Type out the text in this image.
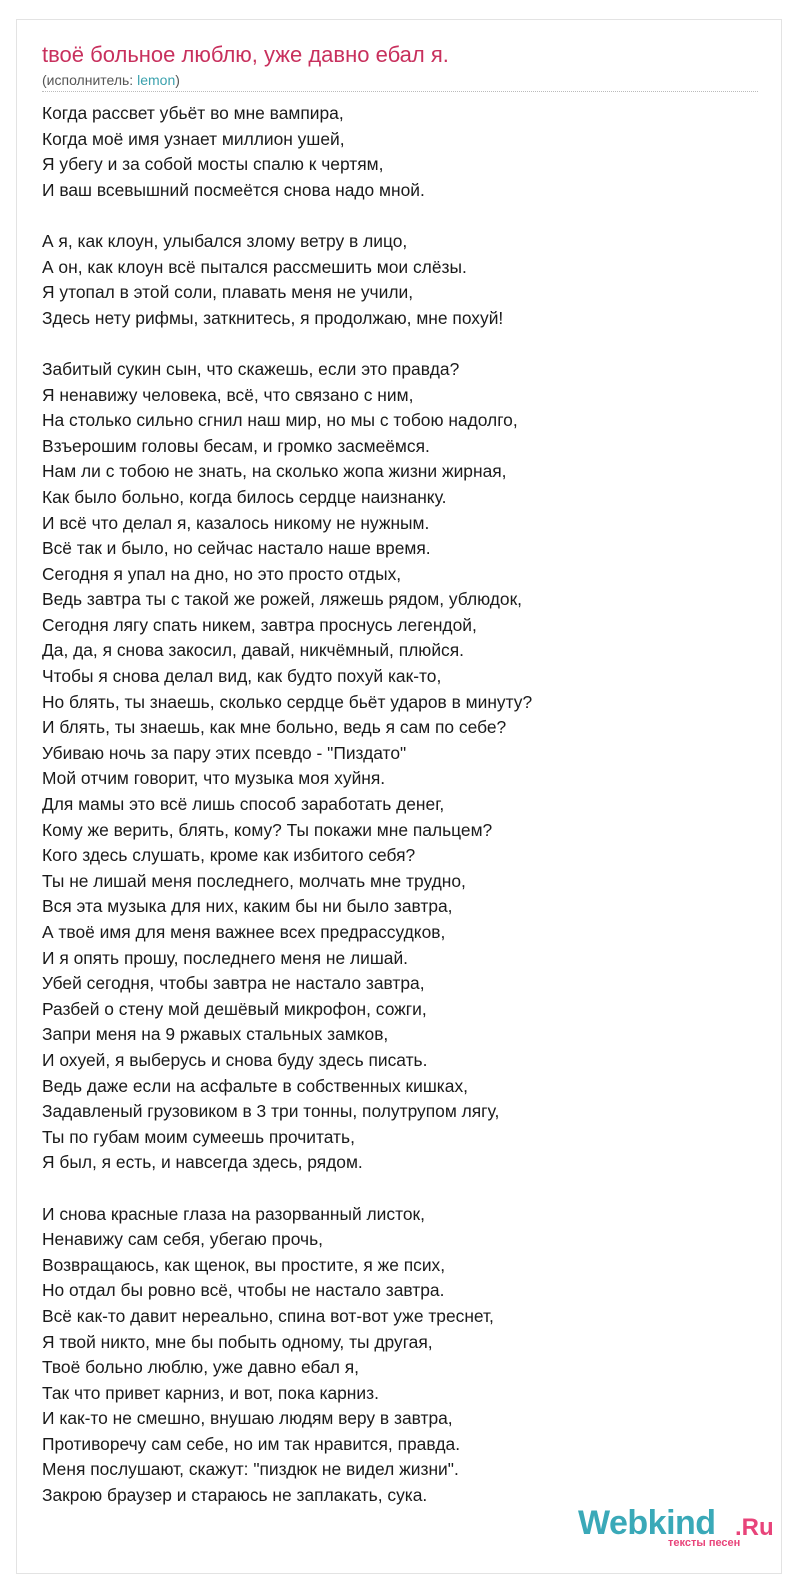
tвоё больное люблю, уже давно ебал я.
(исполнитель: lemon)
Когда рассвет убьёт во мне вампира,
Когда моё имя узнает миллион ушей,
Я убегу и за собой мосты спалю к чертям,
И ваш всевышний посмеётся снова надо мной.
А я, как клоун, улыбался злому ветру в лицо,
А он, как клоун всё пытался рассмешить мои слёзы.
Я утопал в этой соли, плавать меня не учили,
Здесь нету рифмы, заткнитесь, я продолжаю, мне похуй!
Забитый сукин сын, что скажешь, если это правда?
Я ненавижу человека, всё, что связано с ним,
На столько сильно сгнил наш мир, но мы с тобою надолго,
Взъерошим головы бесам, и громко засмеёмся.
Нам ли с тобою не знать, на сколько жопа жизни жирная,
Как было больно, когда билось сердце наизнанку.
И всё что делал я, казалось никому не нужным.
Всё так и было, но сейчас настало наше время.
Сегодня я упал на дно, но это просто отдых,
Ведь завтра ты с такой же рожей, ляжешь рядом, ублюдок,
Сегодня лягу спать никем, завтра проснусь легендой,
Да, да, я снова закосил, давай, никчёмный, плюйся.
Чтобы я снова делал вид, как будто похуй как-то,
Но блять, ты знаешь, сколько сердце бьёт ударов в минуту?
И блять, ты знаешь, как мне больно, ведь я сам по себе?
Убиваю ночь за пару этих псевдо - "Пиздато"
Мой отчим говорит, что музыка моя хуйня.
Для мамы это всё лишь способ заработать денег,
Кому же верить, блять, кому? Ты покажи мне пальцем?
Кого здесь слушать, кроме как избитого себя?
Ты не лишай меня последнего, молчать мне трудно,
Вся эта музыка для них, каким бы ни было завтра,
А твоё имя для меня важнее всех предрассудков,
И я опять прошу, последнего меня не лишай.
Убей сегодня, чтобы завтра не настало завтра,
Разбей о стену мой дешёвый микрофон, сожги,
Запри меня на 9 ржавых стальных замков,
И охуей, я выберусь и снова буду здесь писать.
Ведь даже если на асфальте в собственных кишках,
Задавленый грузовиком в 3 три тонны, полутрупом лягу,
Ты по губам моим сумеешь прочитать,
Я был, я есть, и навсегда здесь, рядом.
И снова красные глаза на разорванный листок,
Ненавижу сам себя, убегаю прочь,
Возвращаюсь, как щенок, вы простите, я же псих,
Но отдал бы ровно всё, чтобы не настало завтра.
Всё как-то давит нереально, спина вот-вот уже треснет,
Я твой никто, мне бы побыть одному, ты другая,
Твоё больно люблю, уже давно ебал я,
Так что привет карниз, и вот, пока карниз.
И как-то не смешно, внушаю людям веру в завтра,
Противоречу сам себе, но им так нравится, правда.
Меня послушают, скажут: "пиздюк не видел жизни".
Закрою браузер и стараюсь не заплакать, сука.
Webkind .Ru
тексты песен
